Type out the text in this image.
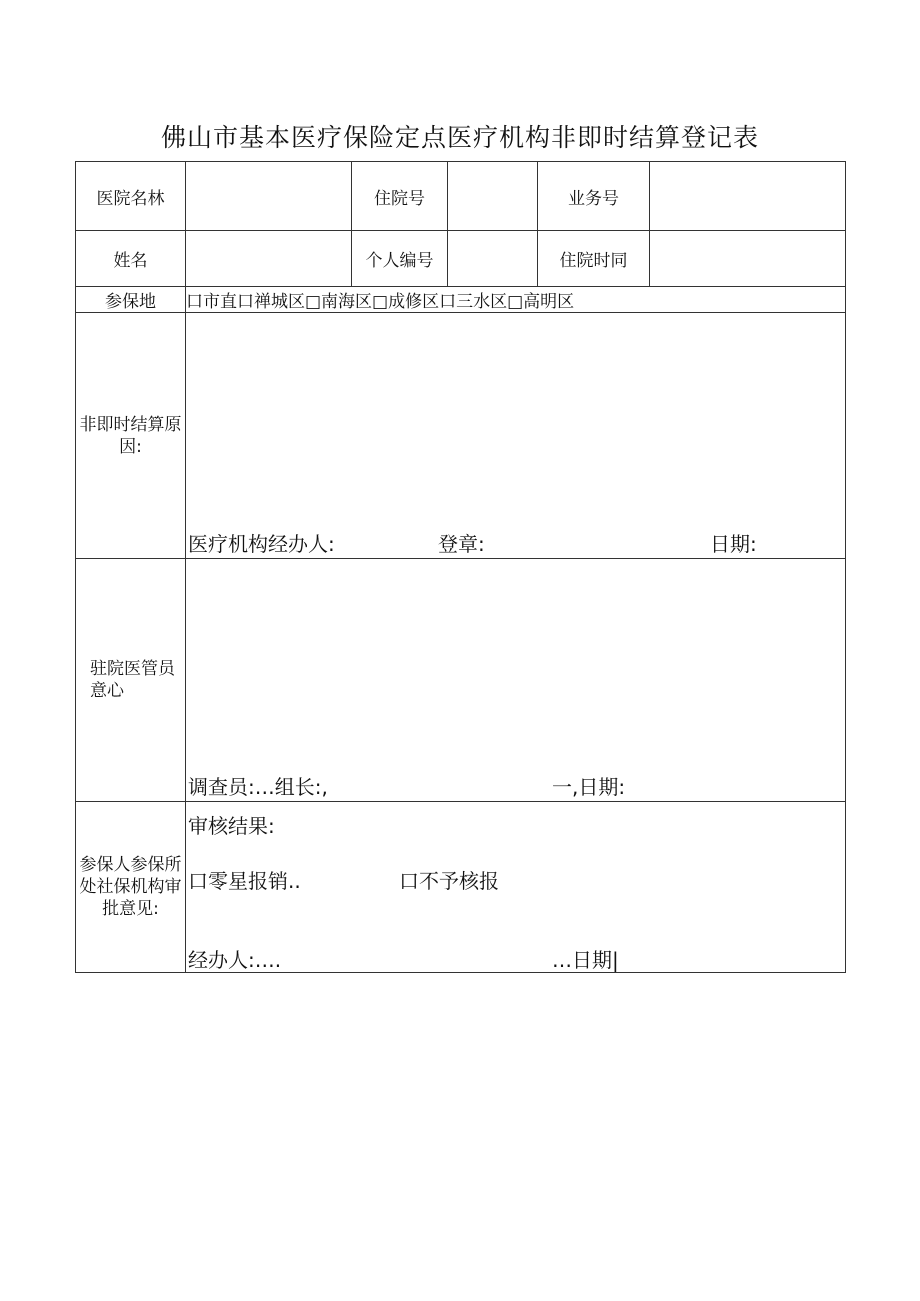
佛山市基本医疗保险定点医疗机构非即时结算登记表
医院名林		住院号		业务号	
姓名		个人编号		住院时同	
参保地	口市直口禅城区□南海区□成修区口三水区□高明区				

非即时结算原因:	医疗机构经办人: 登章: 日期:				

驻院医管员意心	调查员:…组长:, 一,日期:				

参保人参保所处社保机构审批意见:	审核结果:
口零星报销.. 口不予核报
经办人:…. …日期|				
